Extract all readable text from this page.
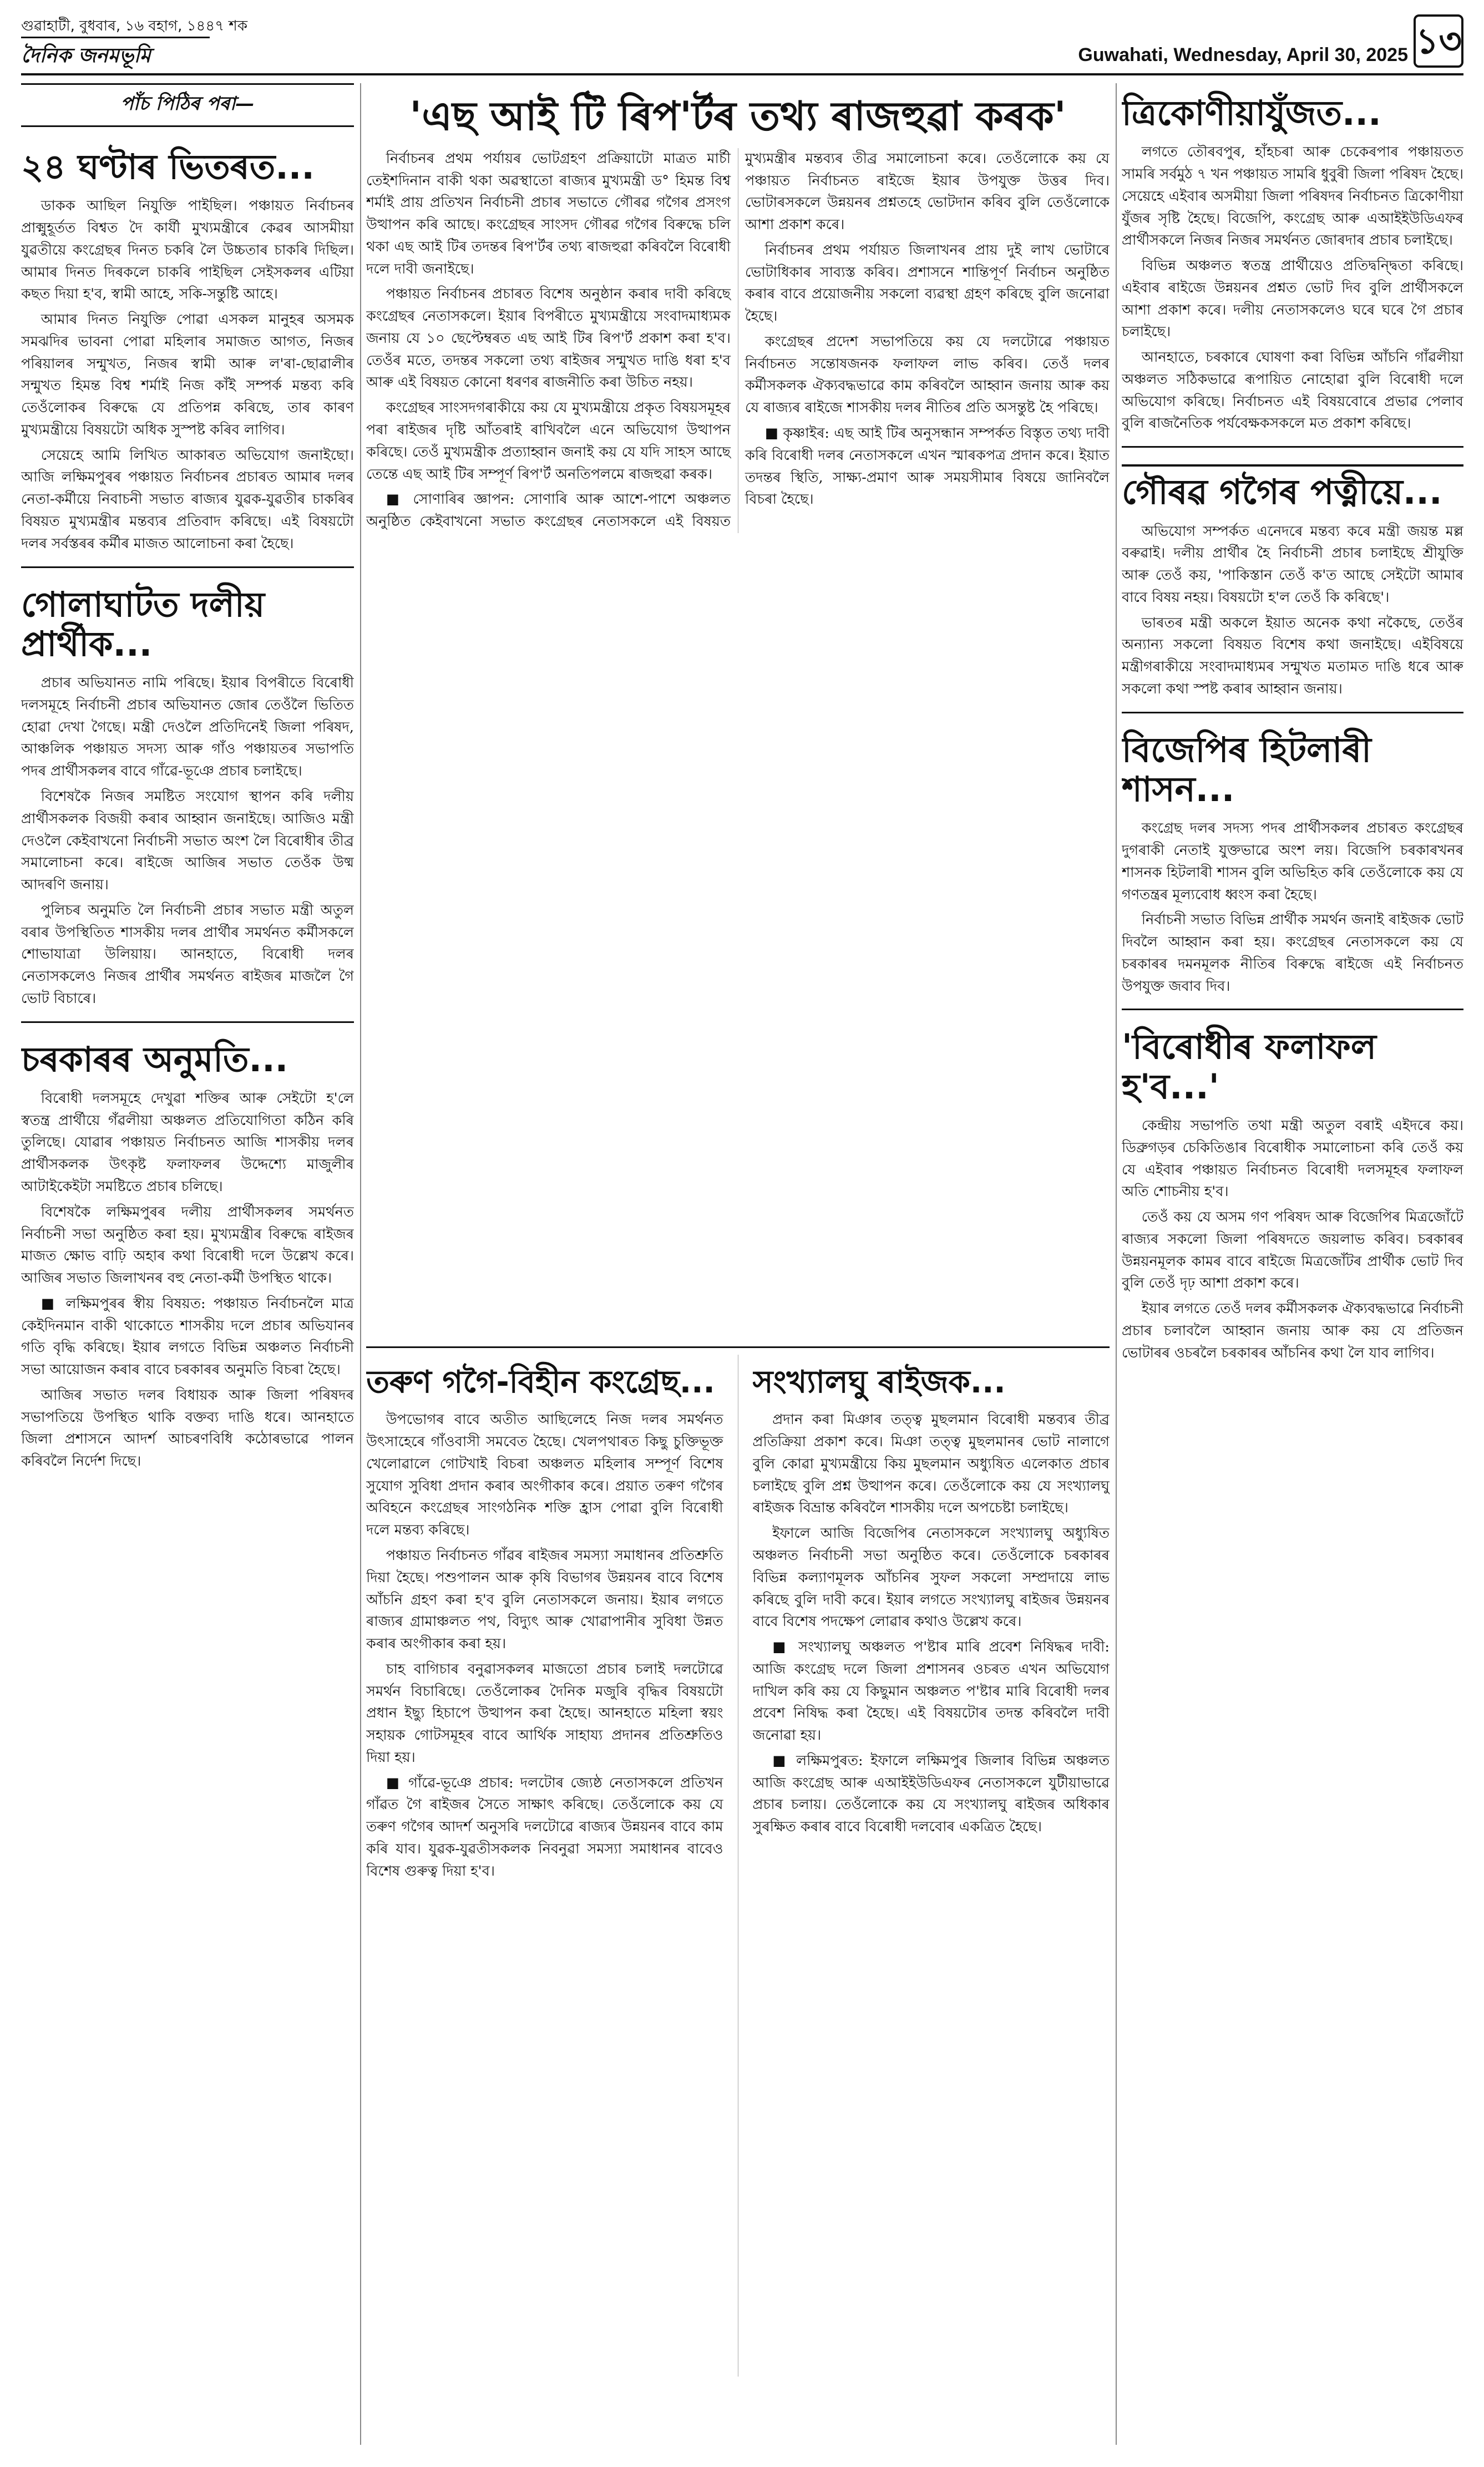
গুৱাহাটী, বুধবাৰ, ১৬ বহাগ, ১৪৪৭ শক
দৈনিক জনমভূমি	Guwahati, Wednesday, April 30, 2025 ১৩
পাঁচ পিঠিৰ পৰা—
২৪ ঘণ্টাৰ ভিতৰত...

ডাকক আছিল নিযুক্তি পাইছিল। পঞ্চায়ত নিৰ্বাচনৰ প্ৰাক্মুহূৰ্তত বিশ্বত দৈ কাৰ্যী মুখ্যমন্ত্ৰীৰে কেৱৰ আসমীয়া যুৱতীয়ে কংগ্ৰেছৰ দিনত চকৰি লৈ উচ্চতাৰ চাকৰি দিছিল। আমাৰ দিনত দিৰকলে চাকৰি পাইছিল সেইসকলৰ এটিয়া কছত দিয়া হ'ব, স্বামী আহে, সকি-সন্তুষ্টি আহে।

আমাৰ দিনত নিযুক্তি পোৱা এসকল মানুহৰ অসমক সমঝদিৰ ভাবনা পোৱা মহিলাৰ সমাজত আগত, নিজৰ পৰিয়ালৰ সন্মুখত, নিজৰ স্বামী আৰু ল'ৰা-ছোৱালীৰ সন্মুখত হিমন্ত বিশ্ব শৰ্মাই নিজ কাঁই সম্পৰ্ক মন্তব্য কৰি তেওঁলোকৰ বিৰুদ্ধে যে প্ৰতিপন্ন কৰিছে, তাৰ কাৰণ মুখ্যমন্ত্ৰীয়ে বিষয়টো অধিক সুস্পষ্ট কৰিব লাগিব।

সেয়েহে আমি লিখিত আকাৰত অভিযোগ জনাইছো। আজি লক্ষিমপুৰৰ পঞ্চায়ত নিৰ্বাচনৰ প্ৰচাৰত আমাৰ দলৰ নেতা-কৰ্মীয়ে নিবাচনী সভাত ৰাজ্যৰ যুৱক-যুৱতীৰ চাকৰিৰ বিষয়ত মুখ্যমন্ত্ৰীৰ মন্তব্যৰ প্ৰতিবাদ কৰিছে। এই বিষয়টো দলৰ সৰ্বস্তৰৰ কৰ্মীৰ মাজত আলোচনা কৰা হৈছে।

গোলাঘাটত দলীয় প্ৰাৰ্থীক...

প্ৰচাৰ অভিযানত নামি পৰিছে। ইয়াৰ বিপৰীতে বিৰোধী দলসমূহে নিৰ্বাচনী প্ৰচাৰ অভিযানত জোৰ তেওঁলৈ ভিতিত হোৱা দেখা গৈছে। মন্ত্ৰী দেওলৈ প্ৰতিদিনেই জিলা পৰিষদ, আঞ্চলিক পঞ্চায়ত সদস্য আৰু গাঁও পঞ্চায়তৰ সভাপতি পদৰ প্ৰাৰ্থীসকলৰ বাবে গাঁৱে-ভূঞে প্ৰচাৰ চলাইছে।

বিশেষকৈ নিজৰ সমষ্টিত সংযোগ স্থাপন কৰি দলীয় প্ৰাৰ্থীসকলক বিজয়ী কৰাৰ আহ্বান জনাইছে। আজিও মন্ত্ৰী দেওলৈ কেইবাখনো নিৰ্বাচনী সভাত অংশ লৈ বিৰোধীৰ তীব্ৰ সমালোচনা কৰে। ৰাইজে আজিৰ সভাত তেওঁক উষ্ম আদৰণি জনায়।

পুলিচৰ অনুমতি লৈ নিৰ্বাচনী প্ৰচাৰ সভাত মন্ত্ৰী অতুল বৰাৰ উপস্থিতিত শাসকীয় দলৰ প্ৰাৰ্থীৰ সমৰ্থনত কৰ্মীসকলে শোভাযাত্ৰা উলিয়ায়। আনহাতে, বিৰোধী দলৰ নেতাসকলেও নিজৰ প্ৰাৰ্থীৰ সমৰ্থনত ৰাইজৰ মাজলৈ গৈ ভোট বিচাৰে।

চৰকাৰৰ অনুমতি...

বিৰোধী দলসমূহে দেখুৱা শক্তিৰ আৰু সেইটো হ'লে স্বতন্ত্ৰ প্ৰাৰ্থীয়ে গঁৱলীয়া অঞ্চলত প্ৰতিযোগিতা কঠিন কৰি তুলিছে। যোৱাৰ পঞ্চায়ত নিৰ্বাচনত আজি শাসকীয় দলৰ প্ৰাৰ্থীসকলক উৎকৃষ্ট ফলাফলৰ উদ্দেশ্যে মাজুলীৰ আটাইকেইটা সমষ্টিতে প্ৰচাৰ চলিছে।

বিশেষকৈ লক্ষিমপুৰৰ দলীয় প্ৰাৰ্থীসকলৰ সমৰ্থনত নিৰ্বাচনী সভা অনুষ্ঠিত কৰা হয়। মুখ্যমন্ত্ৰীৰ বিৰুদ্ধে ৰাইজৰ মাজত ক্ষোভ বাঢ়ি অহাৰ কথা বিৰোধী দলে উল্লেখ কৰে। আজিৰ সভাত জিলাখনৰ বহু নেতা-কৰ্মী উপস্থিত থাকে।

■ লক্ষিমপুৰৰ স্বীয় বিষয়ত: পঞ্চায়ত নিৰ্বাচনলৈ মাত্ৰ কেইদিনমান বাকী থাকোতে শাসকীয় দলে প্ৰচাৰ অভিযানৰ গতি বৃদ্ধি কৰিছে। ইয়াৰ লগতে বিভিন্ন অঞ্চলত নিৰ্বাচনী সভা আয়োজন কৰাৰ বাবে চৰকাৰৰ অনুমতি বিচৰা হৈছে।

আজিৰ সভাত দলৰ বিধায়ক আৰু জিলা পৰিষদৰ সভাপতিয়ে উপস্থিত থাকি বক্তব্য দাঙি ধৰে। আনহাতে জিলা প্ৰশাসনে আদৰ্শ আচৰণবিধি কঠোৰভাৱে পালন কৰিবলৈ নিৰ্দেশ দিছে।

'এছ আই টি ৰিপ'ৰ্টৰ তথ্য ৰাজহুৱা কৰক'

নিৰ্বাচনৰ প্ৰথম পৰ্যায়ৰ ভোটগ্ৰহণ প্ৰক্ৰিয়াটো মাত্ৰত মাৰ্চী তেইশদিনান বাকী থকা অৱস্থাতো ৰাজ্যৰ মুখ্যমন্ত্ৰী ড° হিমন্ত বিশ্ব শৰ্মাই প্ৰায় প্ৰতিখন নিৰ্বাচনী প্ৰচাৰ সভাতে গৌৰৱ গগৈৰ প্ৰসংগ উত্থাপন কৰি আছে। কংগ্ৰেছৰ সাংসদ গৌৰৱ গগৈৰ বিৰুদ্ধে চলি থকা এছ আই টিৰ তদন্তৰ ৰিপ'ৰ্টৰ তথ্য ৰাজহুৱা কৰিবলৈ বিৰোধী দলে দাবী জনাইছে।

পঞ্চায়ত নিৰ্বাচনৰ প্ৰচাৰত বিশেষ অনুষ্ঠান কৰাৰ দাবী কৰিছে কংগ্ৰেছৰ নেতাসকলে। ইয়াৰ বিপৰীতে মুখ্যমন্ত্ৰীয়ে সংবাদমাধ্যমক জনায় যে ১০ ছেপ্টেম্বৰত এছ আই টিৰ ৰিপ'ৰ্ট প্ৰকাশ কৰা হ'ব। তেওঁৰ মতে, তদন্তৰ সকলো তথ্য ৰাইজৰ সন্মুখত দাঙি ধৰা হ'ব আৰু এই বিষয়ত কোনো ধৰণৰ ৰাজনীতি কৰা উচিত নহয়।

কংগ্ৰেছৰ সাংসদগৰাকীয়ে কয় যে মুখ্যমন্ত্ৰীয়ে প্ৰকৃত বিষয়সমূহৰ পৰা ৰাইজৰ দৃষ্টি আঁতৰাই ৰাখিবলৈ এনে অভিযোগ উত্থাপন কৰিছে। তেওঁ মুখ্যমন্ত্ৰীক প্ৰত্যাহ্বান জনাই কয় যে যদি সাহস আছে তেন্তে এছ আই টিৰ সম্পূৰ্ণ ৰিপ'ৰ্ট অনতিপলমে ৰাজহুৱা কৰক।

■ সোণাৰিৰ জ্ঞাপন: সোণাৰি আৰু আশে-পাশে অঞ্চলত অনুষ্ঠিত কেইবাখনো সভাত কংগ্ৰেছৰ নেতাসকলে এই বিষয়ত মুখ্যমন্ত্ৰীৰ মন্তব্যৰ তীব্ৰ সমালোচনা কৰে। তেওঁলোকে কয় যে পঞ্চায়ত নিৰ্বাচনত ৰাইজে ইয়াৰ উপযুক্ত উত্তৰ দিব। ভোটাৰসকলে উন্নয়নৰ প্ৰশ্নতহে ভোটদান কৰিব বুলি তেওঁলোকে আশা প্ৰকাশ কৰে।

নিৰ্বাচনৰ প্ৰথম পৰ্যায়ত জিলাখনৰ প্ৰায় দুই লাখ ভোটাৰে ভোটাধিকাৰ সাব্যস্ত কৰিব। প্ৰশাসনে শান্তিপূৰ্ণ নিৰ্বাচন অনুষ্ঠিত কৰাৰ বাবে প্ৰয়োজনীয় সকলো ব্যৱস্থা গ্ৰহণ কৰিছে বুলি জনোৱা হৈছে।

কংগ্ৰেছৰ প্ৰদেশ সভাপতিয়ে কয় যে দলটোৱে পঞ্চায়ত নিৰ্বাচনত সন্তোষজনক ফলাফল লাভ কৰিব। তেওঁ দলৰ কৰ্মীসকলক ঐক্যবদ্ধভাৱে কাম কৰিবলৈ আহ্বান জনায় আৰু কয় যে ৰাজ্যৰ ৰাইজে শাসকীয় দলৰ নীতিৰ প্ৰতি অসন্তুষ্ট হৈ পৰিছে।

■ কৃষ্ণাইৰ: এছ আই টিৰ অনুসন্ধান সম্পৰ্কত বিস্তৃত তথ্য দাবী কৰি বিৰোধী দলৰ নেতাসকলে এখন স্মাৰকপত্ৰ প্ৰদান কৰে। ইয়াত তদন্তৰ স্থিতি, সাক্ষ্য-প্ৰমাণ আৰু সময়সীমাৰ বিষয়ে জানিবলৈ বিচৰা হৈছে।

তৰুণ গগৈ-বিহীন কংগ্ৰেছ...

উপভোগৰ বাবে অতীত আছিলেহে নিজ দলৰ সমৰ্থনত উৎসাহেৰে গাঁওবাসী সমবেত হৈছে। খেলপথাৰত কিছু চুক্তিভূক্ত খেলোৱালে গোটখাই বিচৰা অঞ্চলত মহিলাৰ সম্পূৰ্ণ বিশেষ সুযোগ সুবিধা প্ৰদান কৰাৰ অংগীকাৰ কৰে। প্ৰয়াত তৰুণ গগৈৰ অবিহনে কংগ্ৰেছৰ সাংগঠনিক শক্তি হ্ৰাস পোৱা বুলি বিৰোধী দলে মন্তব্য কৰিছে।

পঞ্চায়ত নিৰ্বাচনত গাঁৱৰ ৰাইজৰ সমস্যা সমাধানৰ প্ৰতিশ্ৰুতি দিয়া হৈছে। পশুপালন আৰু কৃষি বিভাগৰ উন্নয়নৰ বাবে বিশেষ আঁচনি গ্ৰহণ কৰা হ'ব বুলি নেতাসকলে জনায়। ইয়াৰ লগতে ৰাজ্যৰ গ্ৰামাঞ্চলত পথ, বিদ্যুৎ আৰু খোৱাপানীৰ সুবিধা উন্নত কৰাৰ অংগীকাৰ কৰা হয়।

চাহ বাগিচাৰ বনুৱাসকলৰ মাজতো প্ৰচাৰ চলাই দলটোৱে সমৰ্থন বিচাৰিছে। তেওঁলোকৰ দৈনিক মজুৰি বৃদ্ধিৰ বিষয়টো প্ৰধান ইছ্যু হিচাপে উত্থাপন কৰা হৈছে। আনহাতে মহিলা স্বয়ং সহায়ক গোটসমূহৰ বাবে আৰ্থিক সাহায্য প্ৰদানৰ প্ৰতিশ্ৰুতিও দিয়া হয়।

■ গাঁৱে-ভূঞে প্ৰচাৰ: দলটোৰ জ্যেষ্ঠ নেতাসকলে প্ৰতিখন গাঁৱত গৈ ৰাইজৰ সৈতে সাক্ষাৎ কৰিছে। তেওঁলোকে কয় যে তৰুণ গগৈৰ আদৰ্শ অনুসৰি দলটোৱে ৰাজ্যৰ উন্নয়নৰ বাবে কাম কৰি যাব। যুৱক-যুৱতীসকলক নিবনুৱা সমস্যা সমাধানৰ বাবেও বিশেষ গুৰুত্ব দিয়া হ'ব।

সংখ্যালঘু ৰাইজক...

প্ৰদান কৰা মিঞাৰ তত্ত্ব মুছলমান বিৰোধী মন্তব্যৰ তীব্ৰ প্ৰতিক্ৰিয়া প্ৰকাশ কৰে। মিঞা তত্ত্ব মুছলমানৰ ভোট নালাগে বুলি কোৱা মুখ্যমন্ত্ৰীয়ে কিয় মুছলমান অধ্যুষিত এলেকাত প্ৰচাৰ চলাইছে বুলি প্ৰশ্ন উত্থাপন কৰে। তেওঁলোকে কয় যে সংখ্যালঘু ৰাইজক বিভ্ৰান্ত কৰিবলৈ শাসকীয় দলে অপচেষ্টা চলাইছে।

ইফালে আজি বিজেপিৰ নেতাসকলে সংখ্যালঘু অধ্যুষিত অঞ্চলত নিৰ্বাচনী সভা অনুষ্ঠিত কৰে। তেওঁলোকে চৰকাৰৰ বিভিন্ন কল্যাণমূলক আঁচনিৰ সুফল সকলো সম্প্ৰদায়ে লাভ কৰিছে বুলি দাবী কৰে। ইয়াৰ লগতে সংখ্যালঘু ৰাইজৰ উন্নয়নৰ বাবে বিশেষ পদক্ষেপ লোৱাৰ কথাও উল্লেখ কৰে।

■ সংখ্যালঘু অঞ্চলত প'ষ্টাৰ মাৰি প্ৰবেশ নিষিদ্ধৰ দাবী: আজি কংগ্ৰেছ দলে জিলা প্ৰশাসনৰ ওচৰত এখন অভিযোগ দাখিল কৰি কয় যে কিছুমান অঞ্চলত প'ষ্টাৰ মাৰি বিৰোধী দলৰ প্ৰবেশ নিষিদ্ধ কৰা হৈছে। এই বিষয়টোৰ তদন্ত কৰিবলৈ দাবী জনোৱা হয়।

■ লক্ষিমপুৰত: ইফালে লক্ষিমপুৰ জিলাৰ বিভিন্ন অঞ্চলত আজি কংগ্ৰেছ আৰু এআইইউডিএফৰ নেতাসকলে যুটীয়াভাৱে প্ৰচাৰ চলায়। তেওঁলোকে কয় যে সংখ্যালঘু ৰাইজৰ অধিকাৰ সুৰক্ষিত কৰাৰ বাবে বিৰোধী দলবোৰ একত্ৰিত হৈছে।

ত্ৰিকোণীয়াযুঁজত...

লগতে তৌৰবপুৰ, হাঁহচৰা আৰু চেকেৰপাৰ পঞ্চায়তত সামৰি সৰ্বমুঠ ৭ খন পঞ্চায়ত সামৰি ধুবুৰী জিলা পৰিষদ হৈছে। সেয়েহে এইবাৰ অসমীয়া জিলা পৰিষদৰ নিৰ্বাচনত ত্ৰিকোণীয়া যুঁজৰ সৃষ্টি হৈছে। বিজেপি, কংগ্ৰেছ আৰু এআইইউডিএফৰ প্ৰাৰ্থীসকলে নিজৰ নিজৰ সমৰ্থনত জোৰদাৰ প্ৰচাৰ চলাইছে।

বিভিন্ন অঞ্চলত স্বতন্ত্ৰ প্ৰাৰ্থীয়েও প্ৰতিদ্বন্দ্বিতা কৰিছে। এইবাৰ ৰাইজে উন্নয়নৰ প্ৰশ্নত ভোট দিব বুলি প্ৰাৰ্থীসকলে আশা প্ৰকাশ কৰে। দলীয় নেতাসকলেও ঘৰে ঘৰে গৈ প্ৰচাৰ চলাইছে।

আনহাতে, চৰকাৰে ঘোষণা কৰা বিভিন্ন আঁচনি গাঁৱলীয়া অঞ্চলত সঠিকভাৱে ৰূপায়িত নোহোৱা বুলি বিৰোধী দলে অভিযোগ কৰিছে। নিৰ্বাচনত এই বিষয়বোৰে প্ৰভাৱ পেলাব বুলি ৰাজনৈতিক পৰ্যবেক্ষকসকলে মত প্ৰকাশ কৰিছে।

গৌৰৱ গগৈৰ পত্নীয়ে...

অভিযোগ সম্পৰ্কত এনেদৰে মন্তব্য কৰে মন্ত্ৰী জয়ন্ত মল্ল বৰুৱাই। দলীয় প্ৰাৰ্থীৰ হৈ নিৰ্বাচনী প্ৰচাৰ চলাইছে শ্ৰীযুক্তি আৰু তেওঁ কয়, 'পাকিস্তান তেওঁ ক'ত আছে সেইটো আমাৰ বাবে বিষয় নহয়। বিষয়টো হ'ল তেওঁ কি কৰিছে'।

ভাৰতৰ মন্ত্ৰী অকলে ইয়াত অনেক কথা নকৈছে, তেওঁৰ অন্যান্য সকলো বিষয়ত বিশেষ কথা জনাইছে। এইবিষয়ে মন্ত্ৰীগৰাকীয়ে সংবাদমাধ্যমৰ সন্মুখত মতামত দাঙি ধৰে আৰু সকলো কথা স্পষ্ট কৰাৰ আহ্বান জনায়।

বিজেপিৰ হিটলাৰী শাসন...

কংগ্ৰেছ দলৰ সদস্য পদৰ প্ৰাৰ্থীসকলৰ প্ৰচাৰত কংগ্ৰেছৰ দুগৰাকী নেতাই যুক্তভাৱে অংশ লয়। বিজেপি চৰকাৰখনৰ শাসনক হিটলাৰী শাসন বুলি অভিহিত কৰি তেওঁলোকে কয় যে গণতন্ত্ৰৰ মূল্যবোধ ধ্বংস কৰা হৈছে।

নিৰ্বাচনী সভাত বিভিন্ন প্ৰাৰ্থীক সমৰ্থন জনাই ৰাইজক ভোট দিবলৈ আহ্বান কৰা হয়। কংগ্ৰেছৰ নেতাসকলে কয় যে চৰকাৰৰ দমনমূলক নীতিৰ বিৰুদ্ধে ৰাইজে এই নিৰ্বাচনত উপযুক্ত জবাব দিব।

'বিৰোধীৰ ফলাফল হ'ব...'

কেন্দ্ৰীয় সভাপতি তথা মন্ত্ৰী অতুল বৰাই এইদৰে কয়। ডিব্ৰুগড়ৰ চেকিতিঙাৰ বিৰোধীক সমালোচনা কৰি তেওঁ কয় যে এইবাৰ পঞ্চায়ত নিৰ্বাচনত বিৰোধী দলসমূহৰ ফলাফল অতি শোচনীয় হ'ব।

তেওঁ কয় যে অসম গণ পৰিষদ আৰু বিজেপিৰ মিত্ৰজোঁটে ৰাজ্যৰ সকলো জিলা পৰিষদতে জয়লাভ কৰিব। চৰকাৰৰ উন্নয়নমূলক কামৰ বাবে ৰাইজে মিত্ৰজোঁটৰ প্ৰাৰ্থীক ভোট দিব বুলি তেওঁ দৃঢ় আশা প্ৰকাশ কৰে।

ইয়াৰ লগতে তেওঁ দলৰ কৰ্মীসকলক ঐক্যবদ্ধভাৱে নিৰ্বাচনী প্ৰচাৰ চলাবলৈ আহ্বান জনায় আৰু কয় যে প্ৰতিজন ভোটাৰৰ ওচৰলৈ চৰকাৰৰ আঁচনিৰ কথা লৈ যাব লাগিব।
